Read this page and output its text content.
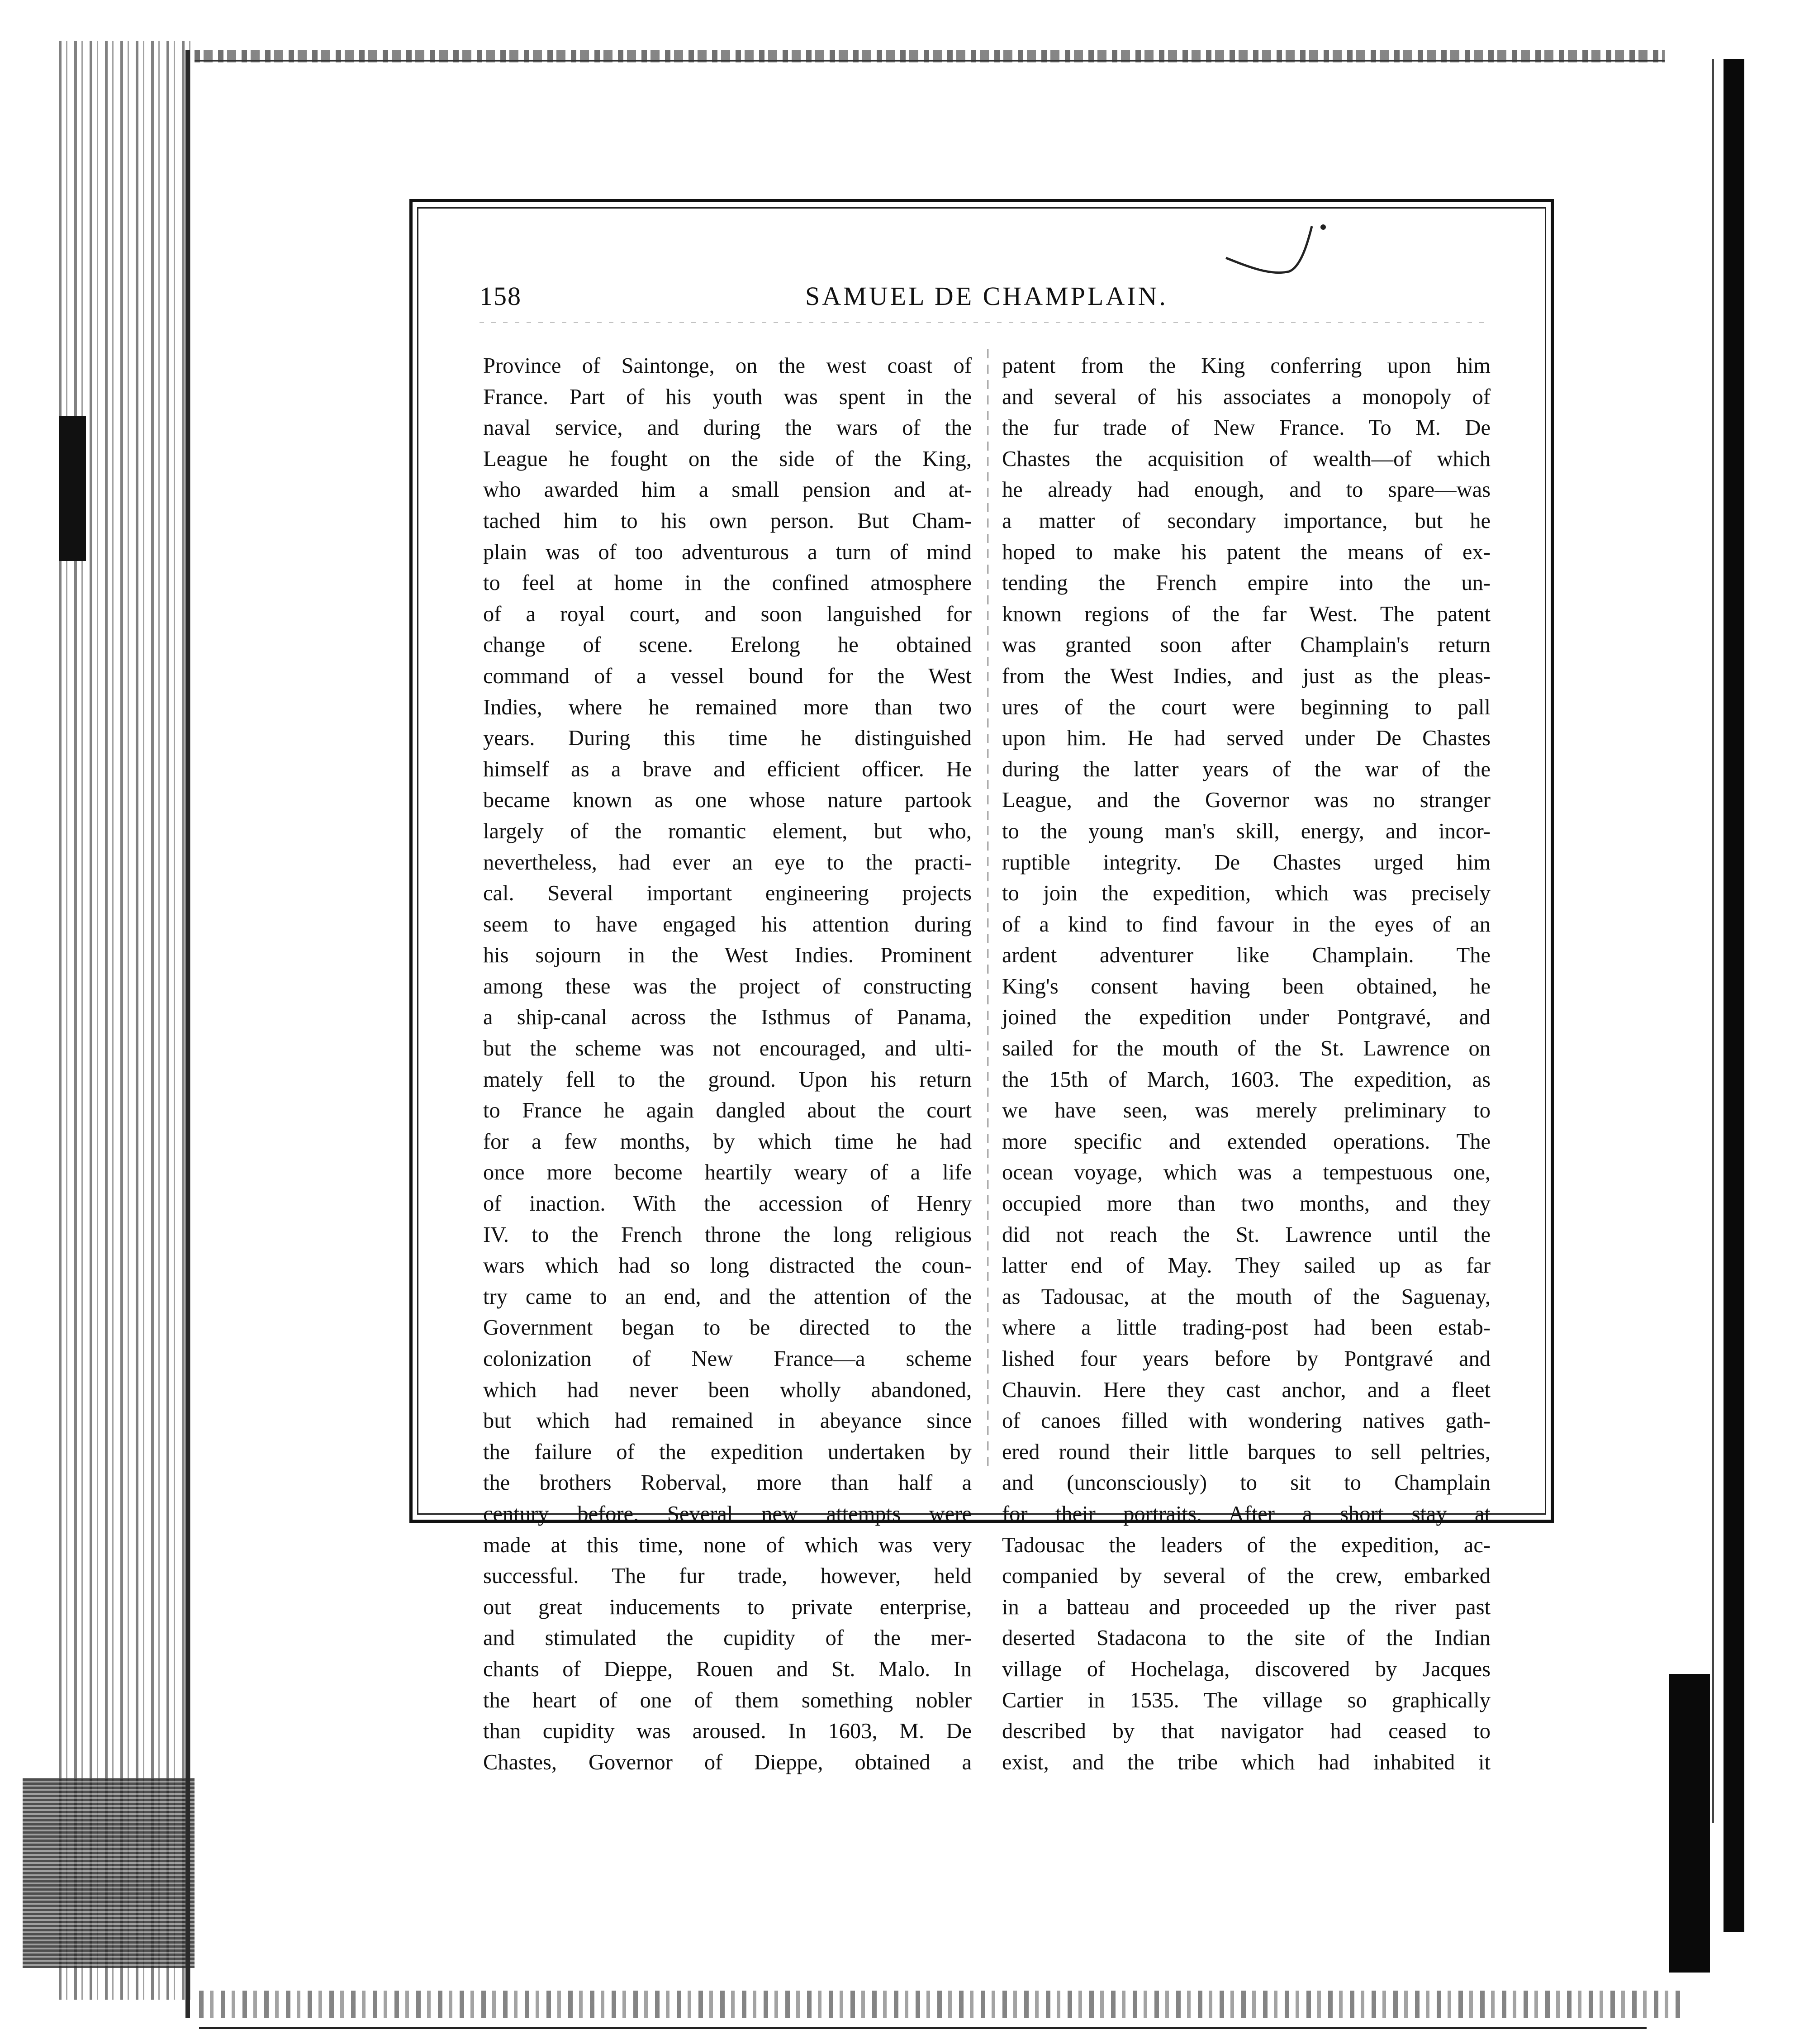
158	SAMUEL DE CHAMPLAIN.
Province of Saintonge, on the west coast of
France. Part of his youth was spent in the
naval service, and during the wars of the
League he fought on the side of the King,
who awarded him a small pension and at-
tached him to his own person. But Cham-
plain was of too adventurous a turn of mind
to feel at home in the confined atmosphere
of a royal court, and soon languished for
change of scene. Erelong he obtained
command of a vessel bound for the West
Indies, where he remained more than two
years. During this time he distinguished
himself as a brave and efficient officer. He
became known as one whose nature partook
largely of the romantic element, but who,
nevertheless, had ever an eye to the practi-
cal. Several important engineering projects
seem to have engaged his attention during
his sojourn in the West Indies. Prominent
among these was the project of constructing
a ship-canal across the Isthmus of Panama,
but the scheme was not encouraged, and ulti-
mately fell to the ground. Upon his return
to France he again dangled about the court
for a few months, by which time he had
once more become heartily weary of a life
of inaction. With the accession of Henry
IV. to the French throne the long religious
wars which had so long distracted the coun-
try came to an end, and the attention of the
Government began to be directed to the
colonization of New France—a scheme
which had never been wholly abandoned,
but which had remained in abeyance since
the failure of the expedition undertaken by
the brothers Roberval, more than half a
century before. Several new attempts were
made at this time, none of which was very
successful. The fur trade, however, held
out great inducements to private enterprise,
and stimulated the cupidity of the mer-
chants of Dieppe, Rouen and St. Malo. In
the heart of one of them something nobler
than cupidity was aroused. In 1603, M. De
Chastes, Governor of Dieppe, obtained a
patent from the King conferring upon him
and several of his associates a monopoly of
the fur trade of New France. To M. De
Chastes the acquisition of wealth—of which
he already had enough, and to spare—was
a matter of secondary importance, but he
hoped to make his patent the means of ex-
tending the French empire into the un-
known regions of the far West. The patent
was granted soon after Champlain's return
from the West Indies, and just as the pleas-
ures of the court were beginning to pall
upon him. He had served under De Chastes
during the latter years of the war of the
League, and the Governor was no stranger
to the young man's skill, energy, and incor-
ruptible integrity. De Chastes urged him
to join the expedition, which was precisely
of a kind to find favour in the eyes of an
ardent adventurer like Champlain. The
King's consent having been obtained, he
joined the expedition under Pontgravé, and
sailed for the mouth of the St. Lawrence on
the 15th of March, 1603. The expedition, as
we have seen, was merely preliminary to
more specific and extended operations. The
ocean voyage, which was a tempestuous one,
occupied more than two months, and they
did not reach the St. Lawrence until the
latter end of May. They sailed up as far
as Tadousac, at the mouth of the Saguenay,
where a little trading-post had been estab-
lished four years before by Pontgravé and
Chauvin. Here they cast anchor, and a fleet
of canoes filled with wondering natives gath-
ered round their little barques to sell peltries,
and (unconsciously) to sit to Champlain
for their portraits. After a short stay at
Tadousac the leaders of the expedition, ac-
companied by several of the crew, embarked
in a batteau and proceeded up the river past
deserted Stadacona to the site of the Indian
village of Hochelaga, discovered by Jacques
Cartier in 1535. The village so graphically
described by that navigator had ceased to
exist, and the tribe which had inhabited it
